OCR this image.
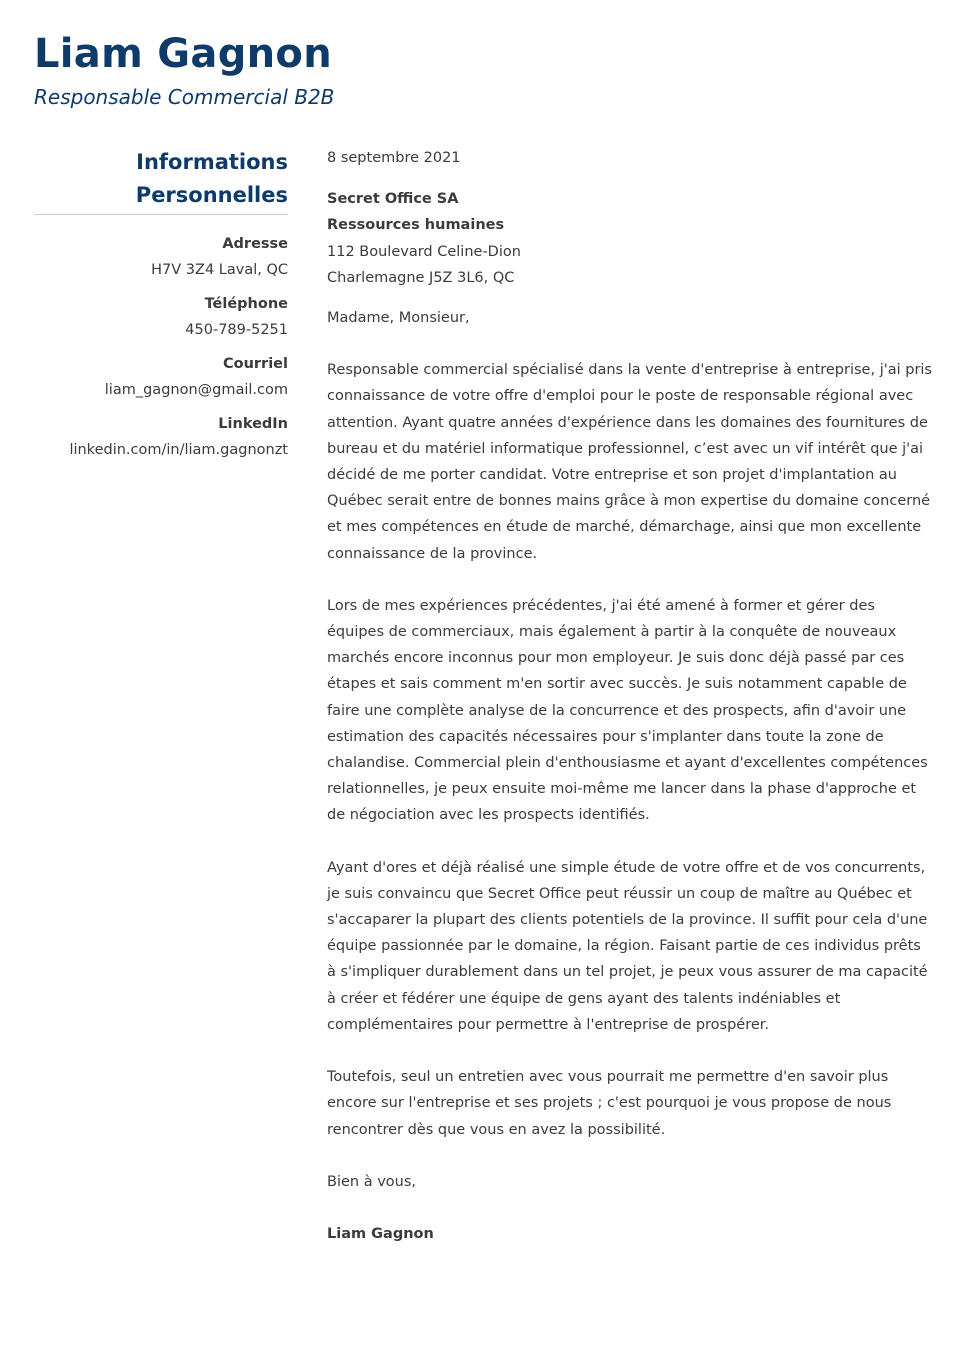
Liam Gagnon
Responsable Commercial B2B
Informations
Personnelles
Adresse
H7V 3Z4 Laval, QC
Téléphone
450-789-5251
Courriel
liam_gagnon@gmail.com
LinkedIn
linkedin.com/in/liam.gagnonzt

8 septembre 2021

Secret Office SA

Ressources humaines

112 Boulevard Celine-Dion

Charlemagne J5Z 3L6, QC

Madame, Monsieur,

Responsable commercial spécialisé dans la vente d'entreprise à entreprise, j'ai pris connaissance de votre offre d'emploi pour le poste de responsable régional avec attention. Ayant quatre années d'expérience dans les domaines des fournitures de bureau et du matériel informatique professionnel, c’est avec un vif intérêt que j'ai décidé de me porter candidat. Votre entreprise et son projet d'implantation au Québec serait entre de bonnes mains grâce à mon expertise du domaine concerné et mes compétences en étude de marché, démarchage, ainsi que mon excellente connaissance de la province.

Lors de mes expériences précédentes, j'ai été amené à former et gérer des équipes de commerciaux, mais également à partir à la conquête de nouveaux marchés encore inconnus pour mon employeur. Je suis donc déjà passé par ces étapes et sais comment m'en sortir avec succès. Je suis notamment capable de faire une complète analyse de la concurrence et des prospects, afin d'avoir une estimation des capacités nécessaires pour s'implanter dans toute la zone de chalandise. Commercial plein d'enthousiasme et ayant d'excellentes compétences relationnelles, je peux ensuite moi-même me lancer dans la phase d'approche et de négociation avec les prospects identifiés.

Ayant d'ores et déjà réalisé une simple étude de votre offre et de vos concurrents, je suis convaincu que Secret Office peut réussir un coup de maître au Québec et s'accaparer la plupart des clients potentiels de la province. Il suffit pour cela d'une équipe passionnée par le domaine, la région. Faisant partie de ces individus prêts à s'impliquer durablement dans un tel projet, je peux vous assurer de ma capacité à créer et fédérer une équipe de gens ayant des talents indéniables et complémentaires pour permettre à l'entreprise de prospérer.

Toutefois, seul un entretien avec vous pourrait me permettre d'en savoir plus encore sur l'entreprise et ses projets ; c'est pourquoi je vous propose de nous rencontrer dès que vous en avez la possibilité.

Bien à vous,

Liam Gagnon
